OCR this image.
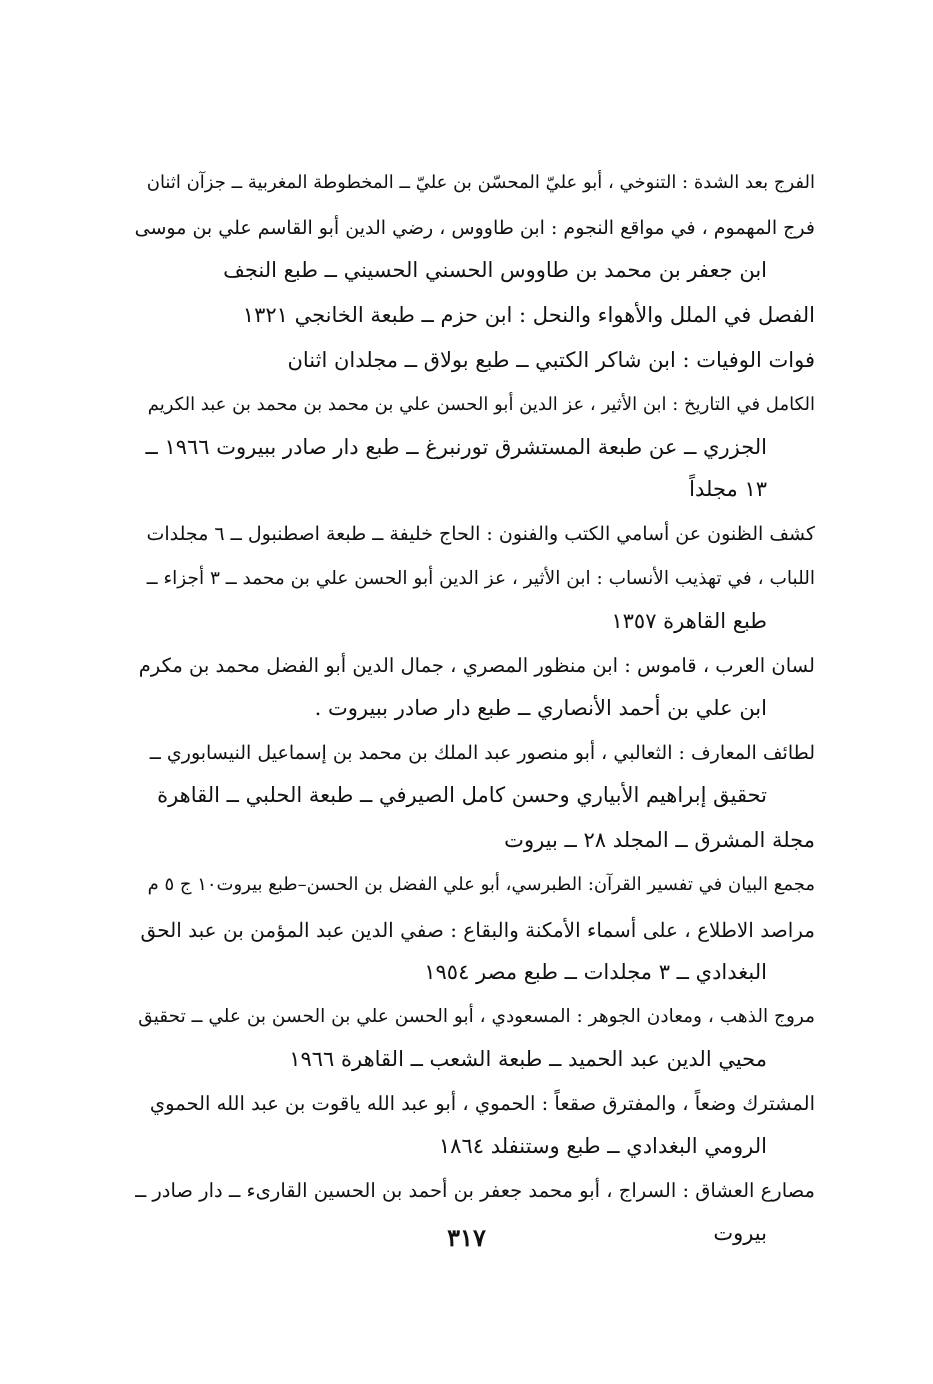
الفرج بعد الشدة : التنوخي ، أبو عليّ المحسّن بن عليّ ــ المخطوطة المغربية ــ جزآن اثنان
فرج المهموم ، في مواقع النجوم : ابن طاووس ، رضي الدين أبو القاسم علي بن موسى
ابن جعفر بن محمد بن طاووس الحسني الحسيني ــ طبع النجف
الفصل في الملل والأهواء والنحل : ابن حزم ــ طبعة الخانجي ١٣٢١
فوات الوفيات : ابن شاكر الكتبي ــ طبع بولاق ــ مجلدان اثنان
الكامل في التاريخ : ابن الأثير ، عز الدين أبو الحسن علي بن محمد بن محمد بن عبد الكريم
الجزري ــ عن طبعة المستشرق تورنبرغ ــ طبع دار صادر ببيروت ١٩٦٦ ــ
١٣ مجلداً
كشف الظنون عن أسامي الكتب والفنون : الحاج خليفة ــ طبعة اصطنبول ــ ٦ مجلدات
اللباب ، في تهذيب الأنساب : ابن الأثير ، عز الدين أبو الحسن علي بن محمد ــ ٣ أجزاء ــ
طبع القاهرة ١٣٥٧
لسان العرب ، قاموس : ابن منظور المصري ، جمال الدين أبو الفضل محمد بن مكرم
ابن علي بن أحمد الأنصاري ــ طبع دار صادر ببيروت .
لطائف المعارف : الثعالبي ، أبو منصور عبد الملك بن محمد بن إسماعيل النيسابوري ــ
تحقيق إبراهيم الأبياري وحسن كامل الصيرفي ــ طبعة الحلبي ــ القاهرة
مجلة المشرق ــ المجلد ٢٨ ــ بيروت
مجمع البيان في تفسير القرآن: الطبرسي، أبو علي الفضل بن الحسن–طبع بيروت١٠ ج ٥ م
مراصد الاطلاع ، على أسماء الأمكنة والبقاع : صفي الدين عبد المؤمن بن عبد الحق
البغدادي ــ ٣ مجلدات ــ طبع مصر ١٩٥٤
مروج الذهب ، ومعادن الجوهر : المسعودي ، أبو الحسن علي بن الحسن بن علي ــ تحقيق
محيي الدين عبد الحميد ــ طبعة الشعب ــ القاهرة ١٩٦٦
المشترك وضعاً ، والمفترق صقعاً : الحموي ، أبو عبد الله ياقوت بن عبد الله الحموي
الرومي البغدادي ــ طبع وستنفلد ١٨٦٤
مصارع العشاق : السراج ، أبو محمد جعفر بن أحمد بن الحسين القارىء ــ دار صادر ــ
بيروت
٣١٧
